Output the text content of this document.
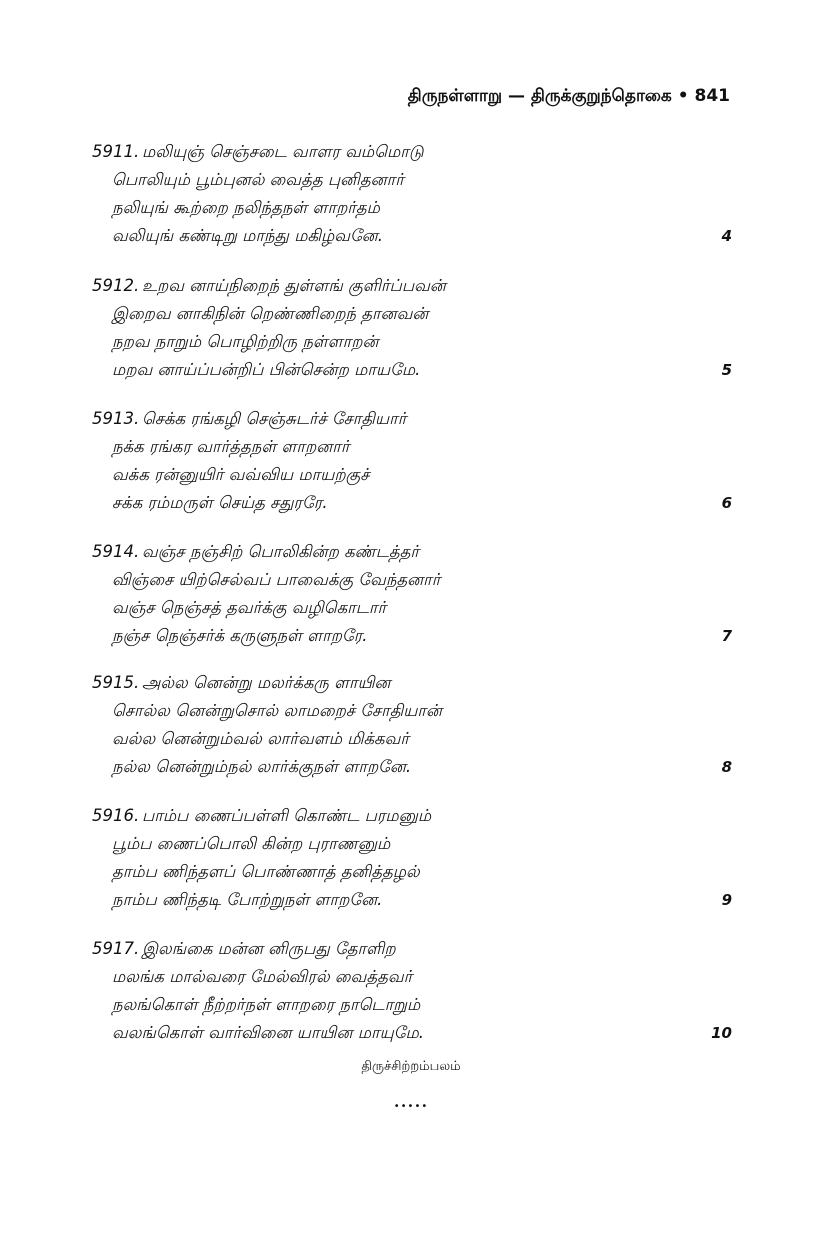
திருநள்ளாறு — திருக்குறுந்தொகை • 841
5911. மலியுஞ் செஞ்சடை வாளர வம்மொடு
பொலியும் பூம்புனல் வைத்த புனிதனார்
நலியுங் கூற்றை நலிந்தநள் ளாறர்தம்
வலியுங் கண்டிறு மாந்து மகிழ்வனே.	4
5912. உறவ னாய்நிறைந் துள்ளங் குளிர்ப்பவன்
இறைவ னாகிநின் றெண்ணிறைந் தானவன்
நறவ நாறும் பொழிற்றிரு நள்ளாறன்
மறவ னாய்ப்பன்றிப் பின்சென்ற மாயமே.	5
5913. செக்க ரங்கழி செஞ்சுடர்ச் சோதியார்
நக்க ரங்கர வார்த்தநள் ளாறனார்
வக்க ரன்னுயிர் வவ்விய மாயற்குச்
சக்க ரம்மருள் செய்த சதுரரே.	6
5914. வஞ்ச நஞ்சிற் பொலிகின்ற கண்டத்தர்
விஞ்சை யிற்செல்வப் பாவைக்கு வேந்தனார்
வஞ்ச நெஞ்சத் தவர்க்கு வழிகொடார்
நஞ்ச நெஞ்சர்க் கருளுநள் ளாறரே.	7
5915. அல்ல னென்று மலர்க்கரு ளாயின
சொல்ல னென்றுசொல் லாமறைச் சோதியான்
வல்ல னென்றும்வல் லார்வளம் மிக்கவர்
நல்ல னென்றும்நல் லார்க்குநள் ளாறனே.	8
5916. பாம்ப ணைப்பள்ளி கொண்ட பரமனும்
பூம்ப ணைப்பொலி கின்ற புராணனும்
தாம்ப ணிந்தளப் பொண்ணாத் தனித்தழல்
நாம்ப ணிந்தடி போற்றுநள் ளாறனே.	9
5917. இலங்கை மன்ன னிருபது தோளிற
மலங்க மால்வரை மேல்விரல் வைத்தவர்
நலங்கொள் நீற்றர்நள் ளாறரை நாடொறும்
வலங்கொள் வார்வினை யாயின மாயுமே.	10
திருச்சிற்றம்பலம்
•••••
